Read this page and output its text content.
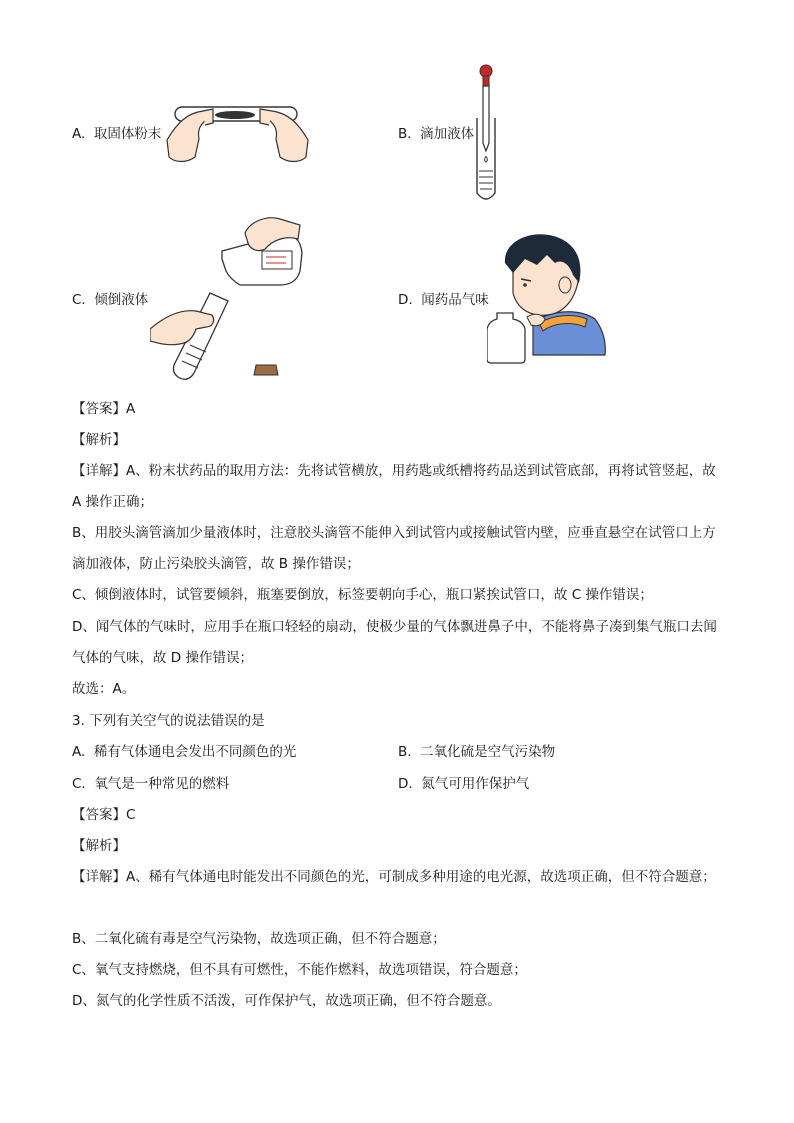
A. 取固体粉末	B. 滴加液体
C. 倾倒液体	D. 闻药品气味
【答案】A
【解析】
【详解】A、粉末状药品的取用方法：先将试管横放，用药匙或纸槽将药品送到试管底部，再将试管竖起，故 A 操作正确；
B、用胶头滴管滴加少量液体时，注意胶头滴管不能伸入到试管内或接触试管内壁，应垂直悬空在试管口上方滴加液体，防止污染胶头滴管，故 B 操作错误；
C、倾倒液体时，试管要倾斜，瓶塞要倒放，标签要朝向手心，瓶口紧挨试管口，故 C 操作错误；
D、闻气体的气味时，应用手在瓶口轻轻的扇动，使极少量的气体飘进鼻子中，不能将鼻子凑到集气瓶口去闻气体的气味，故 D 操作错误；
故选：A。
3. 下列有关空气的说法错误的是
A. 稀有气体通电会发出不同颜色的光	B. 二氧化硫是空气污染物
C. 氧气是一种常见的燃料	D. 氮气可用作保护气
【答案】C
【解析】
【详解】A、稀有气体通电时能发出不同颜色的光，可制成多种用途的电光源，故选项正确，但不符合题意；
B、二氧化硫有毒是空气污染物，故选项正确，但不符合题意；
C、氧气支持燃烧，但不具有可燃性，不能作燃料，故选项错误，符合题意；
D、氮气的化学性质不活泼，可作保护气，故选项正确，但不符合题意。
